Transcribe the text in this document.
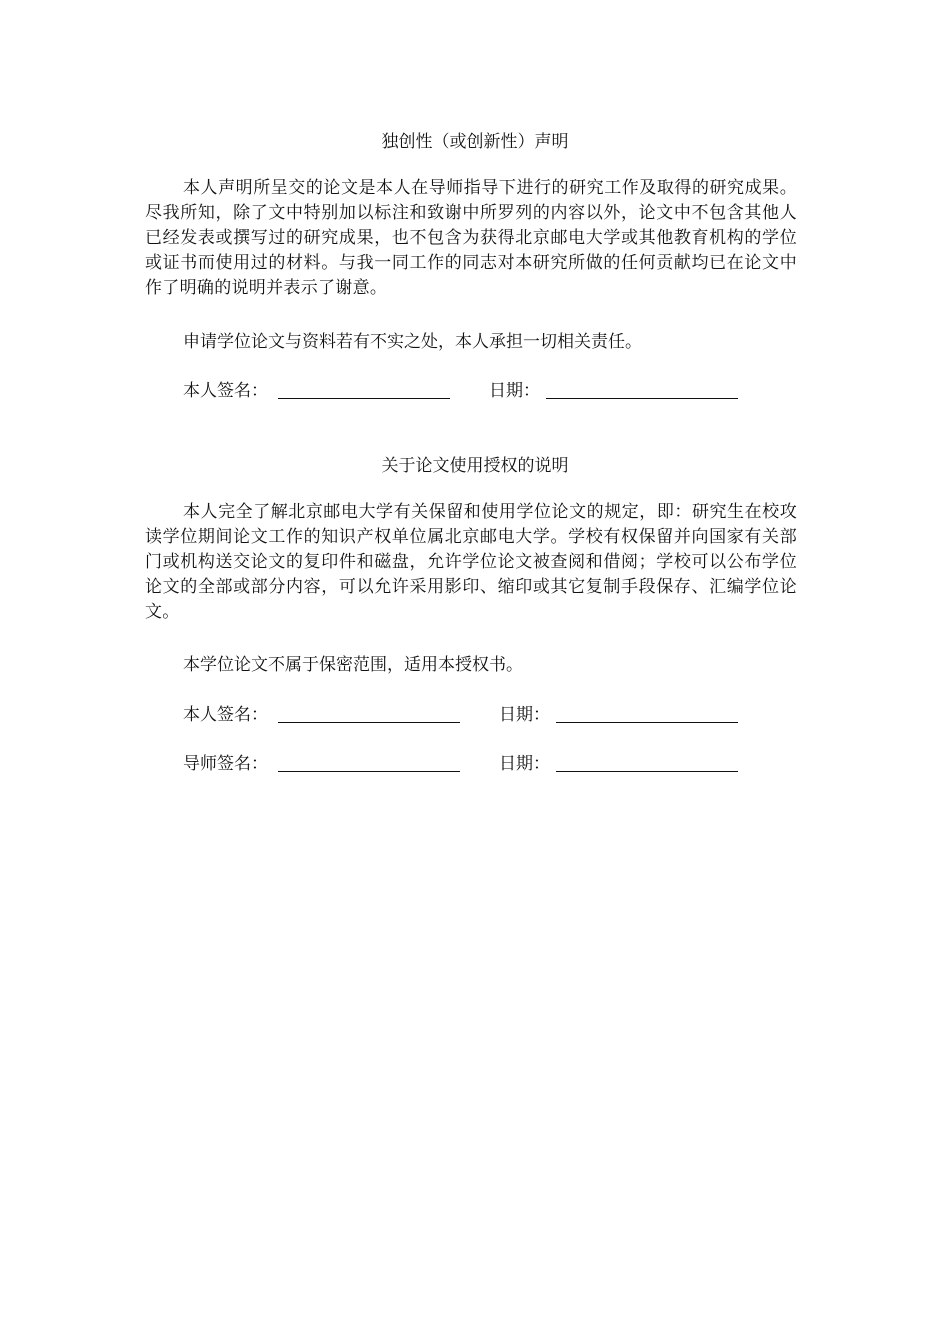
独创性（或创新性）声明

本人声明所呈交的论文是本人在导师指导下进行的研究工作及取得的研究成果。尽我所知，除了文中特别加以标注和致谢中所罗列的内容以外，论文中不包含其他人已经发表或撰写过的研究成果，也不包含为获得北京邮电大学或其他教育机构的学位或证书而使用过的材料。与我一同工作的同志对本研究所做的任何贡献均已在论文中作了明确的说明并表示了谢意。

申请学位论文与资料若有不实之处，本人承担一切相关责任。

本人签名：	日期：
关于论文使用授权的说明

本人完全了解北京邮电大学有关保留和使用学位论文的规定，即：研究生在校攻读学位期间论文工作的知识产权单位属北京邮电大学。学校有权保留并向国家有关部门或机构送交论文的复印件和磁盘，允许学位论文被查阅和借阅；学校可以公布学位论文的全部或部分内容，可以允许采用影印、缩印或其它复制手段保存、汇编学位论文。

本学位论文不属于保密范围，适用本授权书。

本人签名：	日期：
导师签名：	日期：
